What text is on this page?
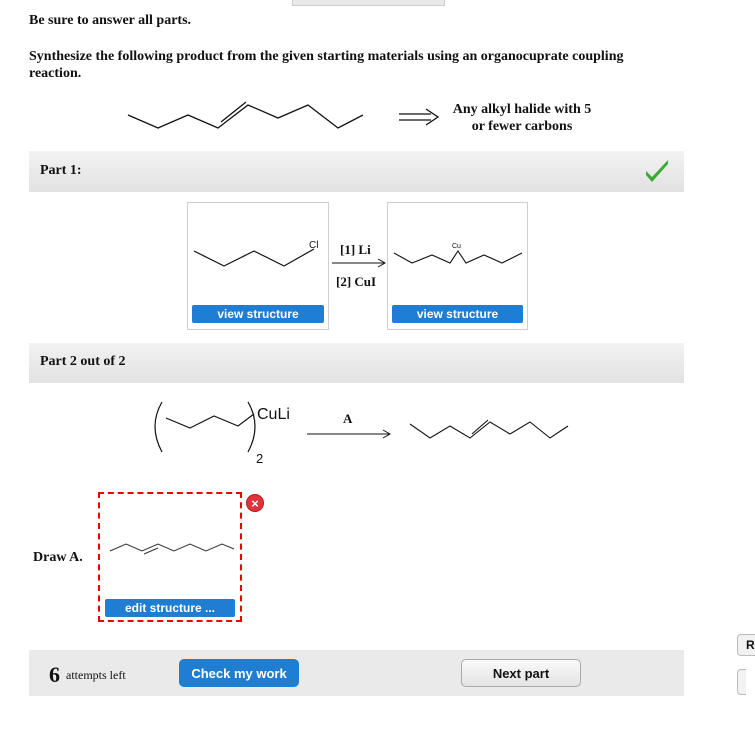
Be sure to answer all parts.
Synthesize the following product from the given starting materials using an organocuprate coupling reaction.
Any alkyl halide with 5 or fewer carbons
Part 1:
Cl
view structure
[1] Li
[2] CuI
Cu
view structure
Part 2 out of 2
CuLi
2
A
Draw A.
edit structure ...
×
6 attempts left	Check my work	Next part
R
